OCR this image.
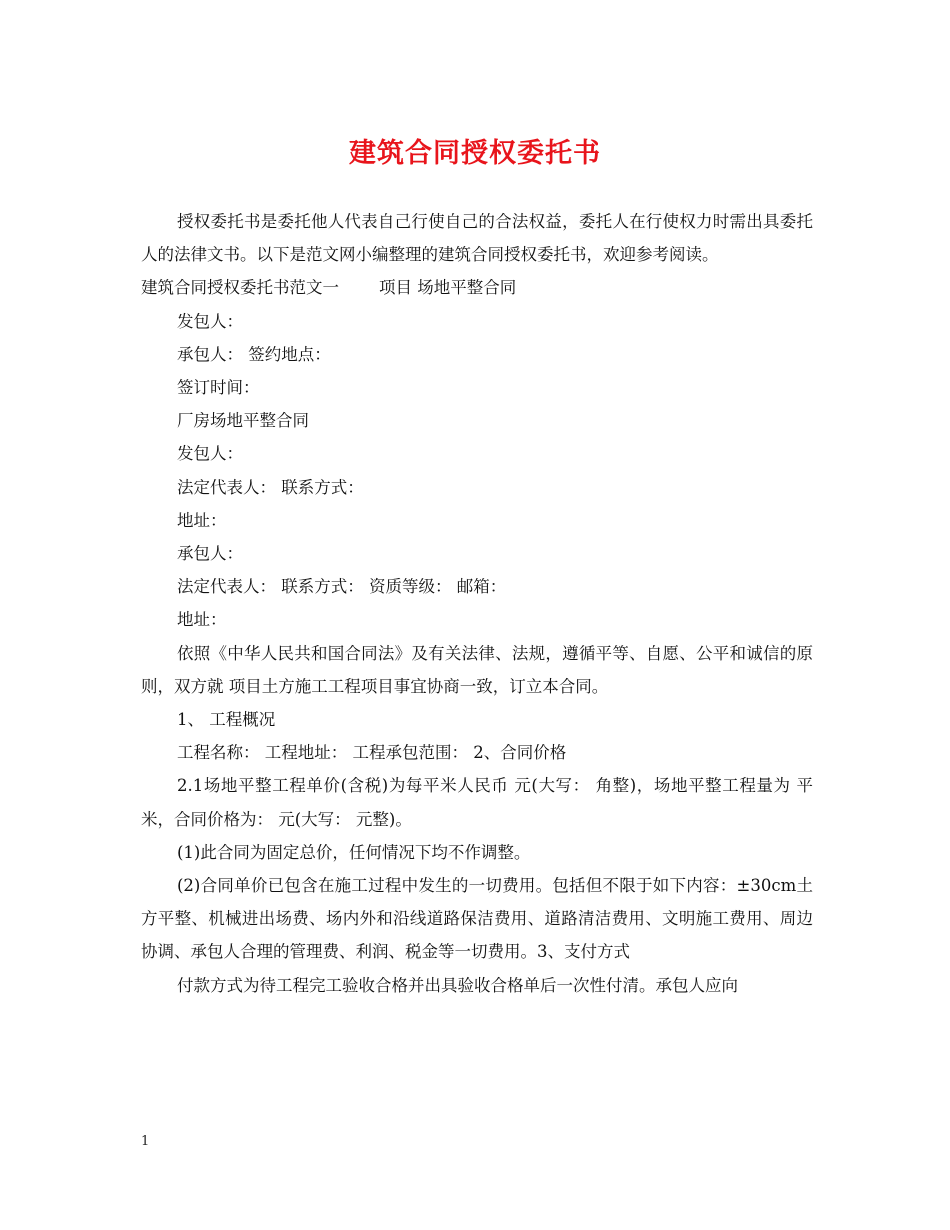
建筑合同授权委托书

授权委托书是委托他人代表自己行使自己的合法权益，委托人在行使权力时需出具委托人的法律文书。以下是范文网小编整理的建筑合同授权委托书，欢迎参考阅读。

建筑合同授权委托书范文一 项目 场地平整合同

发包人：

承包人： 签约地点：

签订时间：

厂房场地平整合同

发包人：

法定代表人： 联系方式：

地址：

承包人：

法定代表人： 联系方式： 资质等级： 邮箱：

地址：

依照《中华人民共和国合同法》及有关法律、法规，遵循平等、自愿、公平和诚信的原则，双方就 项目土方施工工程项目事宜协商一致，订立本合同。

1、 工程概况

工程名称： 工程地址： 工程承包范围： 2、合同价格

2.1场地平整工程单价(含税)为每平米人民币 元(大写： 角整)，场地平整工程量为 平米，合同价格为： 元(大写： 元整)。

(1)此合同为固定总价，任何情况下均不作调整。

(2)合同单价已包含在施工过程中发生的一切费用。包括但不限于如下内容：±30cm土方平整、机械进出场费、场内外和沿线道路保洁费用、道路清洁费用、文明施工费用、周边协调、承包人合理的管理费、利润、税金等一切费用。3、支付方式

付款方式为待工程完工验收合格并出具验收合格单后一次性付清。承包人应向

1
